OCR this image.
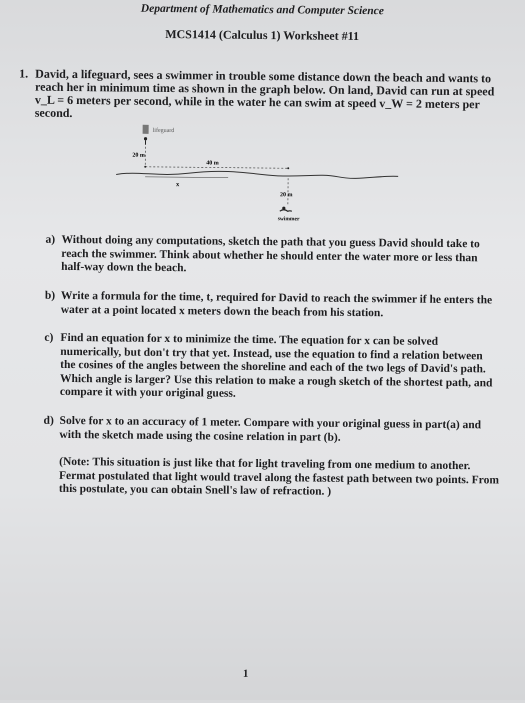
Department of Mathematics and Computer Science
MCS1414 (Calculus 1) Worksheet #11
1. David, a lifeguard, sees a swimmer in trouble some distance down the beach and wants to reach her in minimum time as shown in the graph below. On land, David can run at speed v_L = 6 meters per second, while in the water he can swim at speed v_W = 2 meters per second.
lifeguard
20 m
40 m
x
20 m
swimmer
a) Without doing any computations, sketch the path that you guess David should take to reach the swimmer. Think about whether he should enter the water more or less than half-way down the beach.
b) Write a formula for the time, t, required for David to reach the swimmer if he enters the water at a point located x meters down the beach from his station.
c) Find an equation for x to minimize the time. The equation for x can be solved numerically, but don't try that yet. Instead, use the equation to find a relation between the cosines of the angles between the shoreline and each of the two legs of David's path. Which angle is larger? Use this relation to make a rough sketch of the shortest path, and compare it with your original guess.
d) Solve for x to an accuracy of 1 meter. Compare with your original guess in part(a) and with the sketch made using the cosine relation in part (b).
(Note: This situation is just like that for light traveling from one medium to another. Fermat postulated that light would travel along the fastest path between two points. From this postulate, you can obtain Snell's law of refraction. )
1
